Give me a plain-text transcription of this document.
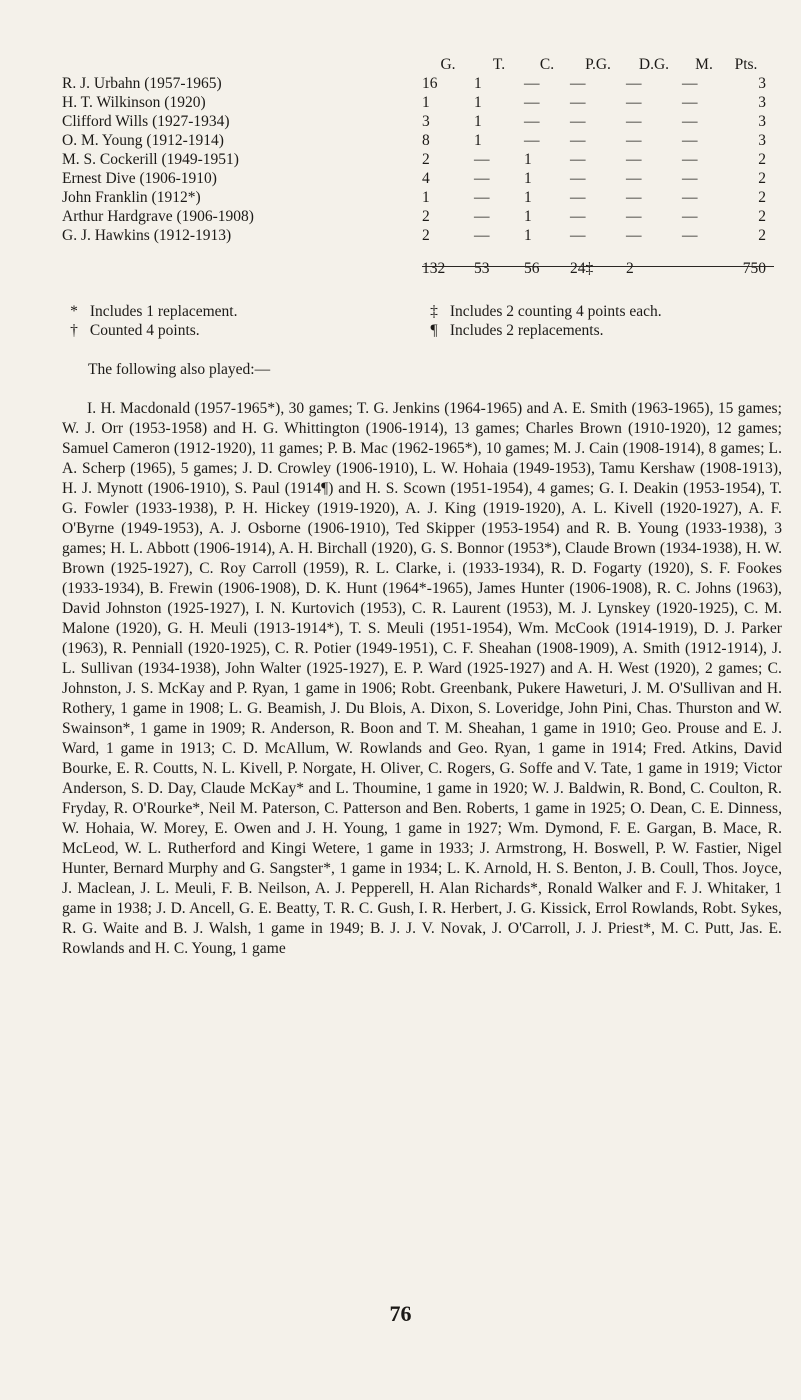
	G.	T.	C.	P.G.	D.G.	M.	Pts.
R. J. Urbahn (1957-1965)	16	1	—	—	—	—	3
H. T. Wilkinson (1920)	1	1	—	—	—	—	3
Clifford Wills (1927-1934)	3	1	—	—	—	—	3
O. M. Young (1912-1914)	8	1	—	—	—	—	3
M. S. Cockerill (1949-1951)	2	—	1	—	—	—	2
Ernest Dive (1906-1910)	4	—	1	—	—	—	2
John Franklin (1912*)	1	—	1	—	—	—	2
Arthur Hardgrave (1906-1908)	2	—	1	—	—	—	2
G. J. Hawkins (1912-1913)	2	—	1	—	—	—	2
	132	53	56	24‡	2		750
* Includes 1 replacement.	‡ Includes 2 counting 4 points each.
† Counted 4 points.	¶ Includes 2 replacements.
The following also played:—

I. H. Macdonald (1957-1965*), 30 games; T. G. Jenkins (1964-1965) and A. E. Smith (1963-1965), 15 games; W. J. Orr (1953-1958) and H. G. Whittington (1906-1914), 13 games; Charles Brown (1910-1920), 12 games; Samuel Cameron (1912-1920), 11 games; P. B. Mac (1962-1965*), 10 games; M. J. Cain (1908-1914), 8 games; L. A. Scherp (1965), 5 games; J. D. Crowley (1906-1910), L. W. Hohaia (1949-1953), Tamu Kershaw (1908-1913), H. J. Mynott (1906-1910), S. Paul (1914¶) and H. S. Scown (1951-1954), 4 games; G. I. Deakin (1953-1954), T. G. Fowler (1933-1938), P. H. Hickey (1919-1920), A. J. King (1919-1920), A. L. Kivell (1920-1927), A. F. O'Byrne (1949-1953), A. J. Osborne (1906-1910), Ted Skipper (1953-1954) and R. B. Young (1933-1938), 3 games; H. L. Abbott (1906-1914), A. H. Birchall (1920), G. S. Bonnor (1953*), Claude Brown (1934-1938), H. W. Brown (1925-1927), C. Roy Carroll (1959), R. L. Clarke, i. (1933-1934), R. D. Fogarty (1920), S. F. Fookes (1933-1934), B. Frewin (1906-1908), D. K. Hunt (1964*-1965), James Hunter (1906-1908), R. C. Johns (1963), David Johnston (1925-1927), I. N. Kurtovich (1953), C. R. Laurent (1953), M. J. Lynskey (1920-1925), C. M. Malone (1920), G. H. Meuli (1913-1914*), T. S. Meuli (1951-1954), Wm. McCook (1914-1919), D. J. Parker (1963), R. Penniall (1920-1925), C. R. Potier (1949-1951), C. F. Sheahan (1908-1909), A. Smith (1912-1914), J. L. Sullivan (1934-1938), John Walter (1925-1927), E. P. Ward (1925-1927) and A. H. West (1920), 2 games; C. Johnston, J. S. McKay and P. Ryan, 1 game in 1906; Robt. Greenbank, Pukere Haweturi, J. M. O'Sullivan and H. Rothery, 1 game in 1908; L. G. Beamish, J. Du Blois, A. Dixon, S. Loveridge, John Pini, Chas. Thurston and W. Swainson*, 1 game in 1909; R. Anderson, R. Boon and T. M. Sheahan, 1 game in 1910; Geo. Prouse and E. J. Ward, 1 game in 1913; C. D. McAllum, W. Rowlands and Geo. Ryan, 1 game in 1914; Fred. Atkins, David Bourke, E. R. Coutts, N. L. Kivell, P. Norgate, H. Oliver, C. Rogers, G. Soffe and V. Tate, 1 game in 1919; Victor Anderson, S. D. Day, Claude McKay* and L. Thoumine, 1 game in 1920; W. J. Baldwin, R. Bond, C. Coulton, R. Fryday, R. O'Rourke*, Neil M. Paterson, C. Patterson and Ben. Roberts, 1 game in 1925; O. Dean, C. E. Dinness, W. Hohaia, W. Morey, E. Owen and J. H. Young, 1 game in 1927; Wm. Dymond, F. E. Gargan, B. Mace, R. McLeod, W. L. Rutherford and Kingi Wetere, 1 game in 1933; J. Armstrong, H. Boswell, P. W. Fastier, Nigel Hunter, Bernard Murphy and G. Sangster*, 1 game in 1934; L. K. Arnold, H. S. Benton, J. B. Coull, Thos. Joyce, J. Maclean, J. L. Meuli, F. B. Neilson, A. J. Pepperell, H. Alan Richards*, Ronald Walker and F. J. Whitaker, 1 game in 1938; J. D. Ancell, G. E. Beatty, T. R. C. Gush, I. R. Herbert, J. G. Kissick, Errol Rowlands, Robt. Sykes, R. G. Waite and B. J. Walsh, 1 game in 1949; B. J. J. V. Novak, J. O'Carroll, J. J. Priest*, M. C. Putt, Jas. E. Rowlands and H. C. Young, 1 game

76
